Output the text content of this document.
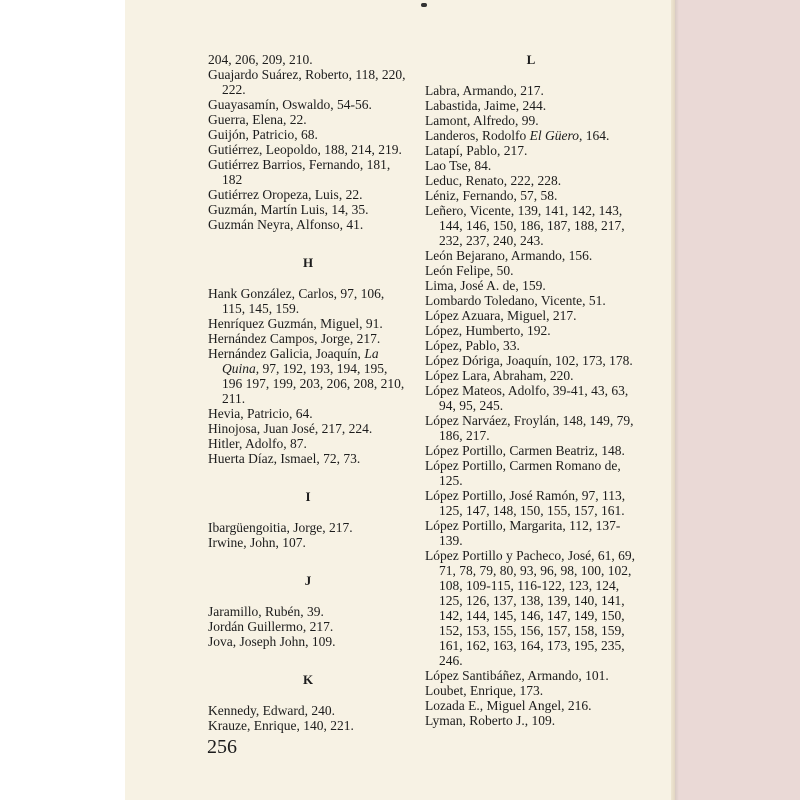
204, 206, 209, 210.
Guajardo Suárez, Roberto, 118, 220, 222.
Guayasamín, Oswaldo, 54-56.
Guerra, Elena, 22.
Guijón, Patricio, 68.
Gutiérrez, Leopoldo, 188, 214, 219.
Gutiérrez Barrios, Fernando, 181, 182
Gutiérrez Oropeza, Luis, 22.
Guzmán, Martín Luis, 14, 35.
Guzmán Neyra, Alfonso, 41.
H
Hank González, Carlos, 97, 106, 115, 145, 159.
Henríquez Guzmán, Miguel, 91.
Hernández Campos, Jorge, 217.
Hernández Galicia, Joaquín, La Quina, 97, 192, 193, 194, 195, 196 197, 199, 203, 206, 208, 210, 211.
Hevia, Patricio, 64.
Hinojosa, Juan José, 217, 224.
Hitler, Adolfo, 87.
Huerta Díaz, Ismael, 72, 73.
I
Ibargüengoitia, Jorge, 217.
Irwine, John, 107.
J
Jaramillo, Rubén, 39.
Jordán Guillermo, 217.
Jova, Joseph John, 109.
K
Kennedy, Edward, 240.
Krauze, Enrique, 140, 221.
L
Labra, Armando, 217.
Labastida, Jaime, 244.
Lamont, Alfredo, 99.
Landeros, Rodolfo El Güero, 164.
Latapí, Pablo, 217.
Lao Tse, 84.
Leduc, Renato, 222, 228.
Léniz, Fernando, 57, 58.
Leñero, Vicente, 139, 141, 142, 143, 144, 146, 150, 186, 187, 188, 217, 232, 237, 240, 243.
León Bejarano, Armando, 156.
León Felipe, 50.
Lima, José A. de, 159.
Lombardo Toledano, Vicente, 51.
López Azuara, Miguel, 217.
López, Humberto, 192.
López, Pablo, 33.
López Dóriga, Joaquín, 102, 173, 178.
López Lara, Abraham, 220.
López Mateos, Adolfo, 39-41, 43, 63, 94, 95, 245.
López Narváez, Froylán, 148, 149, 79, 186, 217.
López Portillo, Carmen Beatriz, 148.
López Portillo, Carmen Romano de, 125.
López Portillo, José Ramón, 97, 113, 125, 147, 148, 150, 155, 157, 161.
López Portillo, Margarita, 112, 137-139.
López Portillo y Pacheco, José, 61, 69, 71, 78, 79, 80, 93, 96, 98, 100, 102, 108, 109-115, 116-122, 123, 124, 125, 126, 137, 138, 139, 140, 141, 142, 144, 145, 146, 147, 149, 150, 152, 153, 155, 156, 157, 158, 159, 161, 162, 163, 164, 173, 195, 235, 246.
López Santibáñez, Armando, 101.
Loubet, Enrique, 173.
Lozada E., Miguel Angel, 216.
Lyman, Roberto J., 109.
256
